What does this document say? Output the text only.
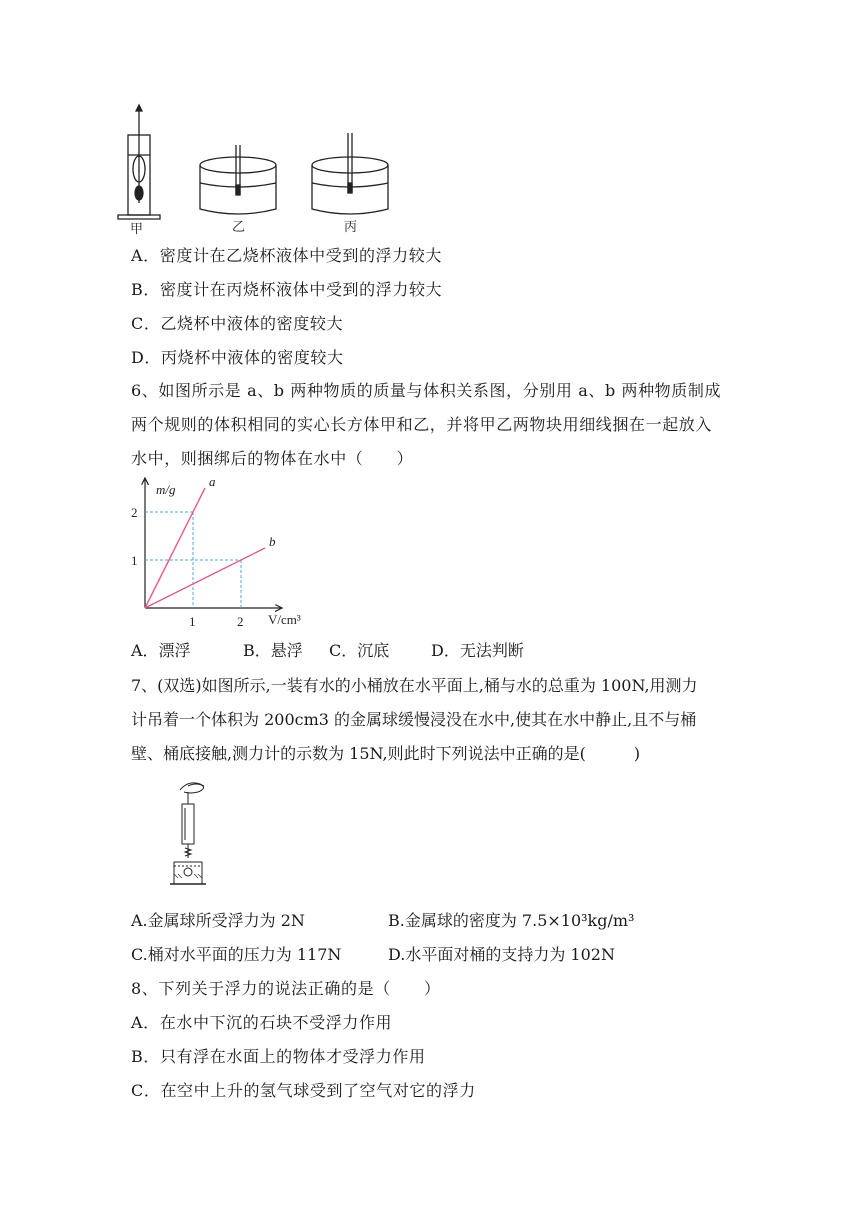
甲	乙	丙
A．密度计在乙烧杯液体中受到的浮力较大
B．密度计在丙烧杯液体中受到的浮力较大
C．乙烧杯中液体的密度较大
D．丙烧杯中液体的密度较大
6、如图所示是 a、b 两种物质的质量与体积关系图，分别用 a、b 两种物质制成
两个规则的体积相同的实心长方体甲和乙，并将甲乙两物块用细线捆在一起放入
水中，则捆绑后的物体在水中（　　）
a
b
1	2
1
2
m/g
V/cm³
A．漂浮	B．悬浮 C．沉底	D．无法判断
7、(双选)如图所示,一装有水的小桶放在水平面上,桶与水的总重为 100N,用测力
计吊着一个体积为 200cm3 的金属球缓慢浸没在水中,使其在水中静止,且不与桶
壁、桶底接触,测力计的示数为 15N,则此时下列说法中正确的是(　　　)
A.金属球所受浮力为 2N	B.金属球的密度为 7.5×10³kg/m³
C.桶对水平面的压力为 117N	D.水平面对桶的支持力为 102N
8、下列关于浮力的说法正确的是（　　）
A．在水中下沉的石块不受浮力作用
B．只有浮在水面上的物体才受浮力作用
C．在空中上升的氢气球受到了空气对它的浮力
